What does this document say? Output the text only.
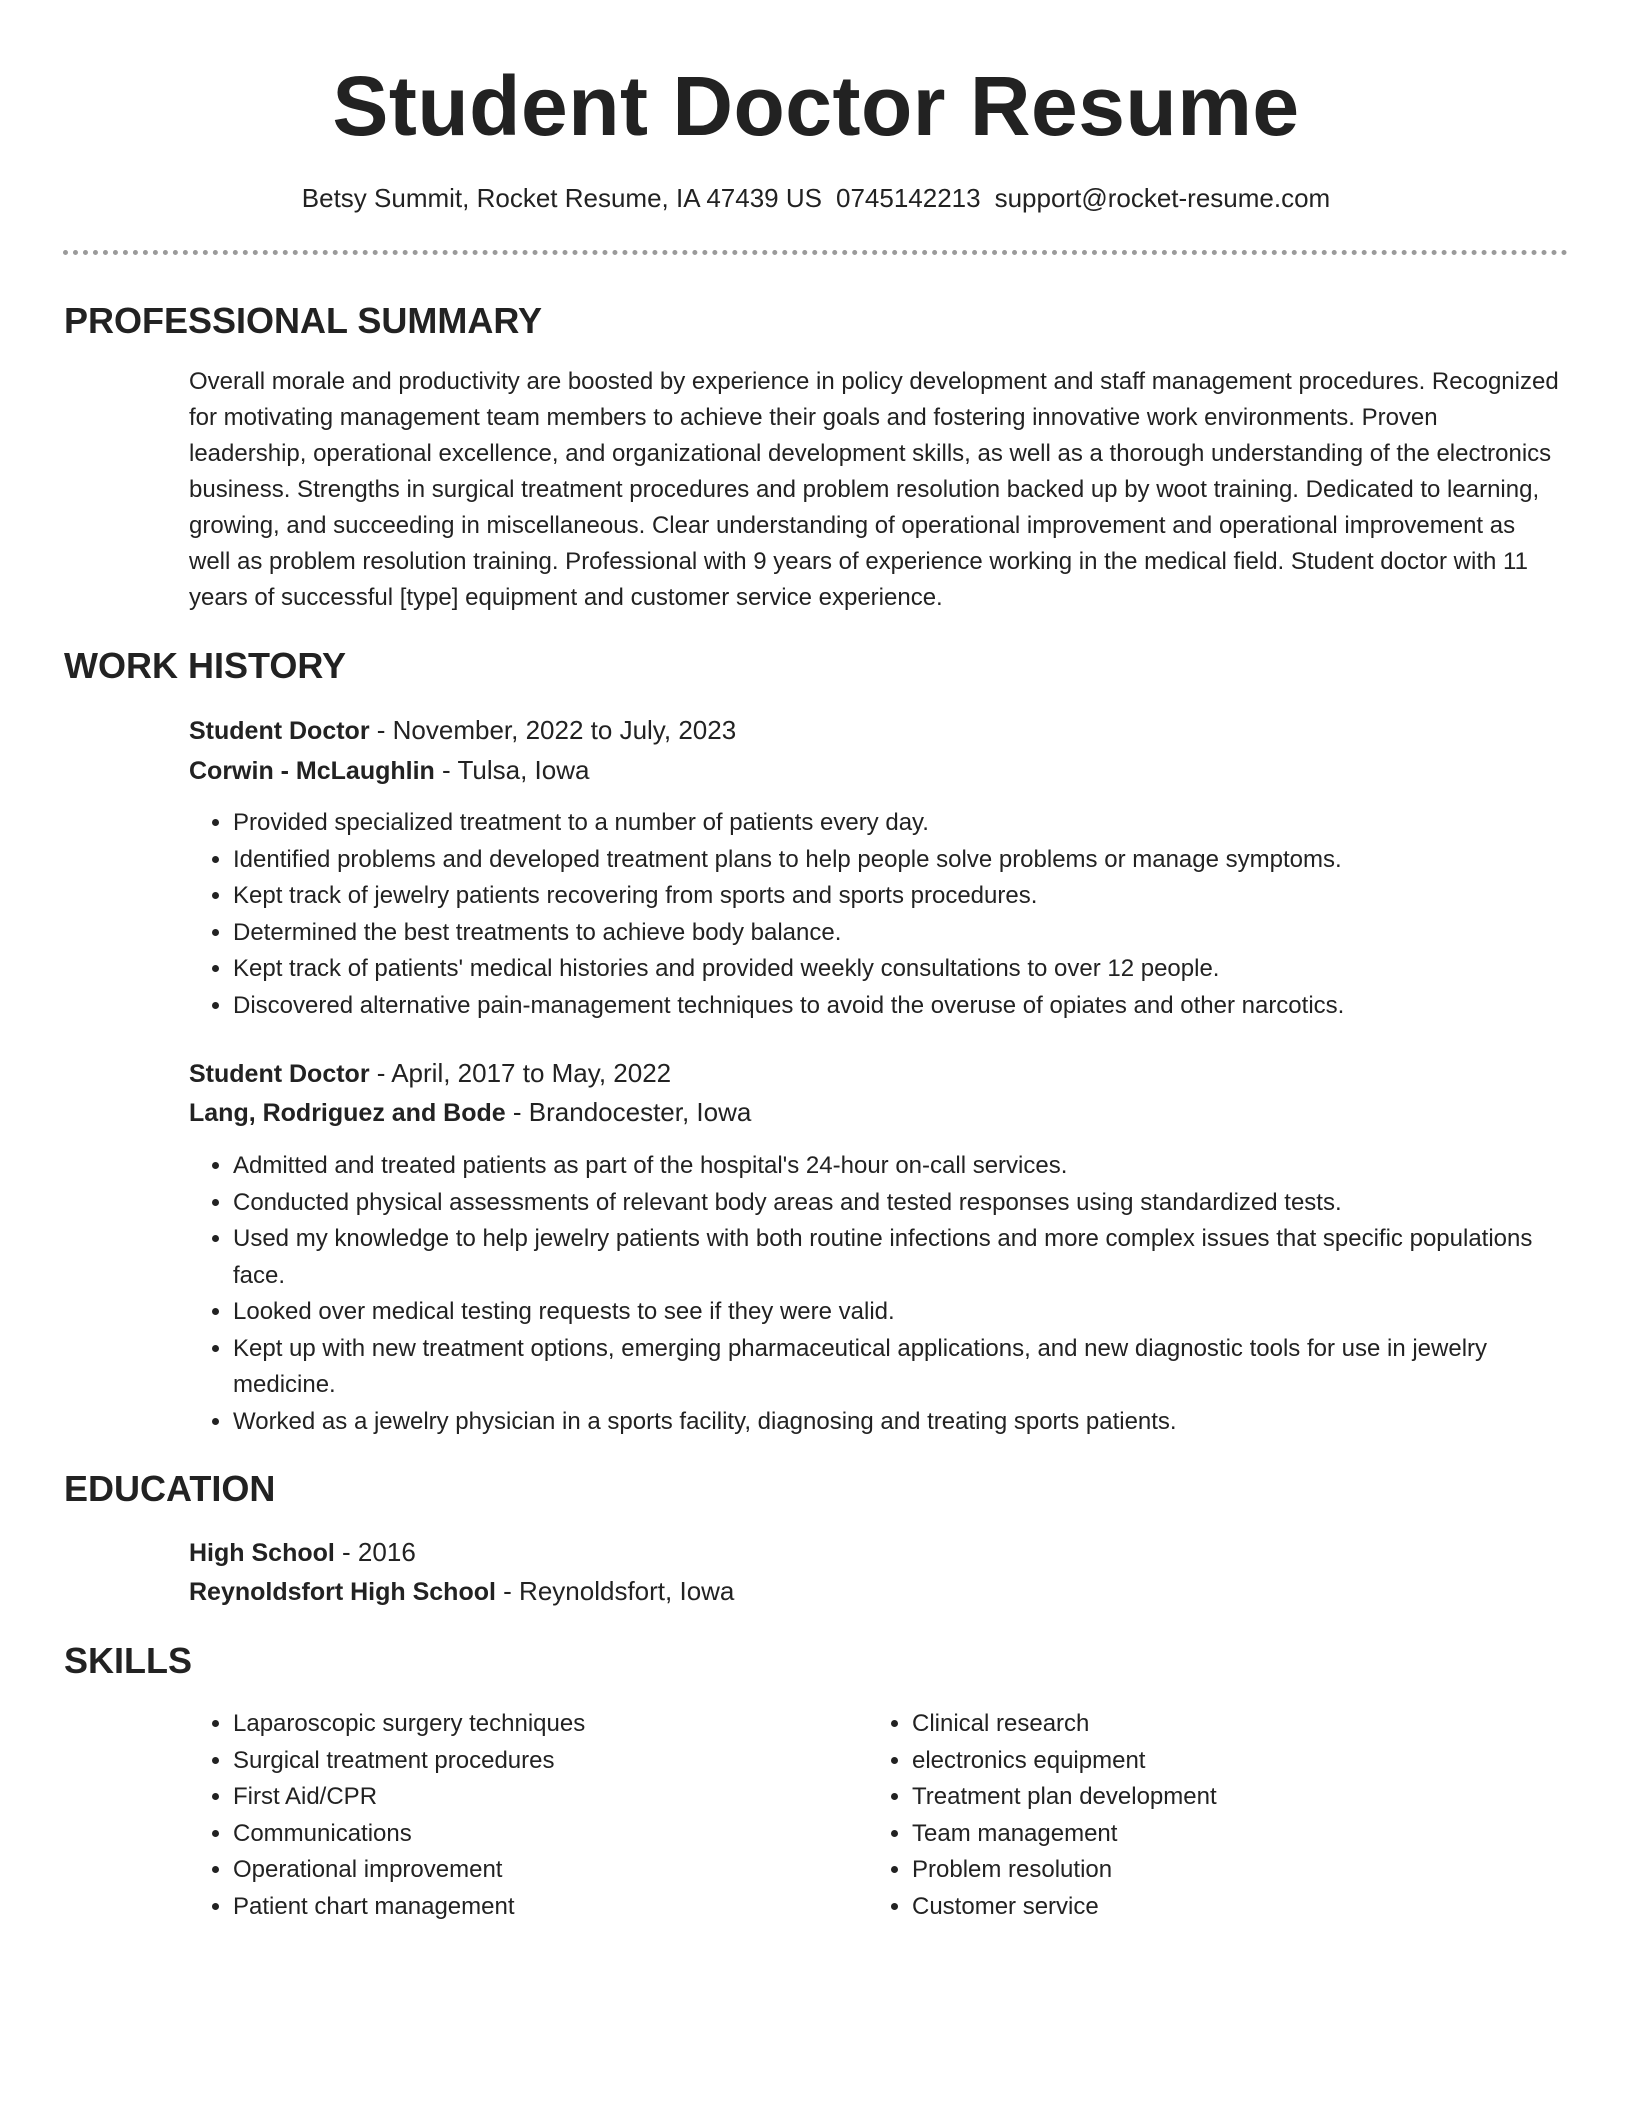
Student Doctor Resume
Betsy Summit, Rocket Resume, IA 47439 US 0745142213 support@rocket-resume.com
PROFESSIONAL SUMMARY

Overall morale and productivity are boosted by experience in policy development and staff management procedures. Recognized for motivating management team members to achieve their goals and fostering innovative work environments. Proven leadership, operational excellence, and organizational development skills, as well as a thorough understanding of the electronics business. Strengths in surgical treatment procedures and problem resolution backed up by woot training. Dedicated to learning, growing, and succeeding in miscellaneous. Clear understanding of operational improvement and operational improvement as well as problem resolution training. Professional with 9 years of experience working in the medical field. Student doctor with 11 years of successful [type] equipment and customer service experience.

WORK HISTORY
Student Doctor - November, 2022 to July, 2023
Corwin - McLaughlin - Tulsa, Iowa
• Provided specialized treatment to a number of patients every day.
• Identified problems and developed treatment plans to help people solve problems or manage symptoms.
• Kept track of jewelry patients recovering from sports and sports procedures.
• Determined the best treatments to achieve body balance.
• Kept track of patients' medical histories and provided weekly consultations to over 12 people.
• Discovered alternative pain-management techniques to avoid the overuse of opiates and other narcotics.
Student Doctor - April, 2017 to May, 2022
Lang, Rodriguez and Bode - Brandocester, Iowa
• Admitted and treated patients as part of the hospital's 24-hour on-call services.
• Conducted physical assessments of relevant body areas and tested responses using standardized tests.
• Used my knowledge to help jewelry patients with both routine infections and more complex issues that specific populations face.
• Looked over medical testing requests to see if they were valid.
• Kept up with new treatment options, emerging pharmaceutical applications, and new diagnostic tools for use in jewelry medicine.
• Worked as a jewelry physician in a sports facility, diagnosing and treating sports patients.
EDUCATION
High School - 2016
Reynoldsfort High School - Reynoldsfort, Iowa
SKILLS
• Laparoscopic surgery techniques
• Surgical treatment procedures
• First Aid/CPR
• Communications
• Operational improvement
• Patient chart management
• Clinical research
• electronics equipment
• Treatment plan development
• Team management
• Problem resolution
• Customer service
